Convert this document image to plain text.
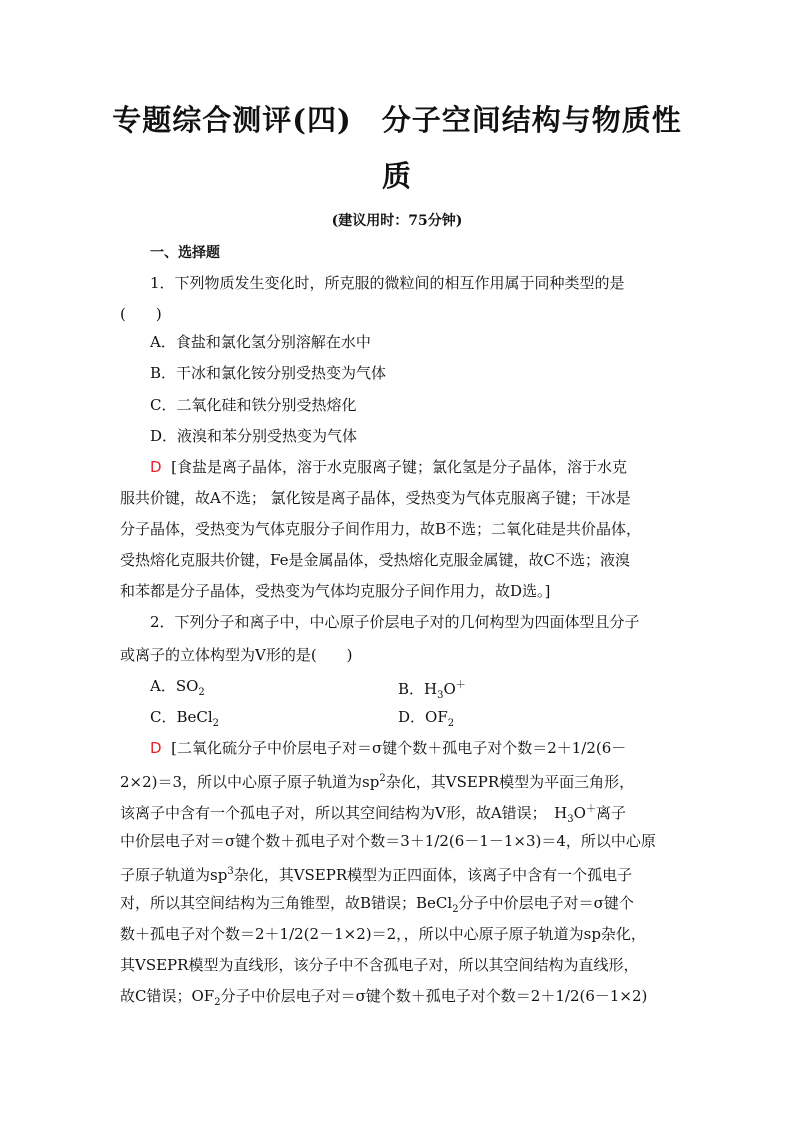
专题综合测评(四)　分子空间结构与物质性
质
(建议用时：75分钟)
一、选择题
1．下列物质发生变化时，所克服的微粒间的相互作用属于同种类型的是
(　　)
A．食盐和氯化氢分别溶解在水中
B．干冰和氯化铵分别受热变为气体
C．二氧化硅和铁分别受热熔化
D．液溴和苯分别受热变为气体
D [食盐是离子晶体，溶于水克服离子键；氯化氢是分子晶体，溶于水克
服共价键，故A不选； 氯化铵是离子晶体，受热变为气体克服离子键；干冰是
分子晶体，受热变为气体克服分子间作用力，故B不选；二氧化硅是共价晶体，
受热熔化克服共价键，Fe是金属晶体，受热熔化克服金属键，故C不选；液溴
和苯都是分子晶体，受热变为气体均克服分子间作用力，故D选。]
2．下列分子和离子中，中心原子价层电子对的几何构型为四面体型且分子
或离子的立体构型为V形的是(　　)
A．$SO_2$	B．$H_3O^+$
C．BeCl$_2$	D．$OF_2$
D [二氧化硫分子中价层电子对＝σ键个数＋孤电子对个数＝2＋1/2(6－
2×2)＝3，所以中心原子原子轨道为$sp^2$杂化，其VSEPR模型为平面三角形，
该离子中含有一个孤电子对，所以其空间结构为V形，故A错误；　$H_3O^+$离子
中价层电子对＝σ键个数＋孤电子对个数＝3＋1/2(6－1－1×3)＝4，所以中心原
子原子轨道为$sp^3$杂化，其VSEPR模型为正四面体，该离子中含有一个孤电子
对，所以其空间结构为三角锥型，故B错误；BeCl$_2$分子中价层电子对＝σ键个
数＋孤电子对个数＝2＋1/2(2－1×2)＝2，，所以中心原子原子轨道为sp杂化，
其VSEPR模型为直线形，该分子中不含孤电子对，所以其空间结构为直线形，
故C错误；$OF_2$分子中价层电子对＝σ键个数＋孤电子对个数＝2＋1/2(6－1×2)
